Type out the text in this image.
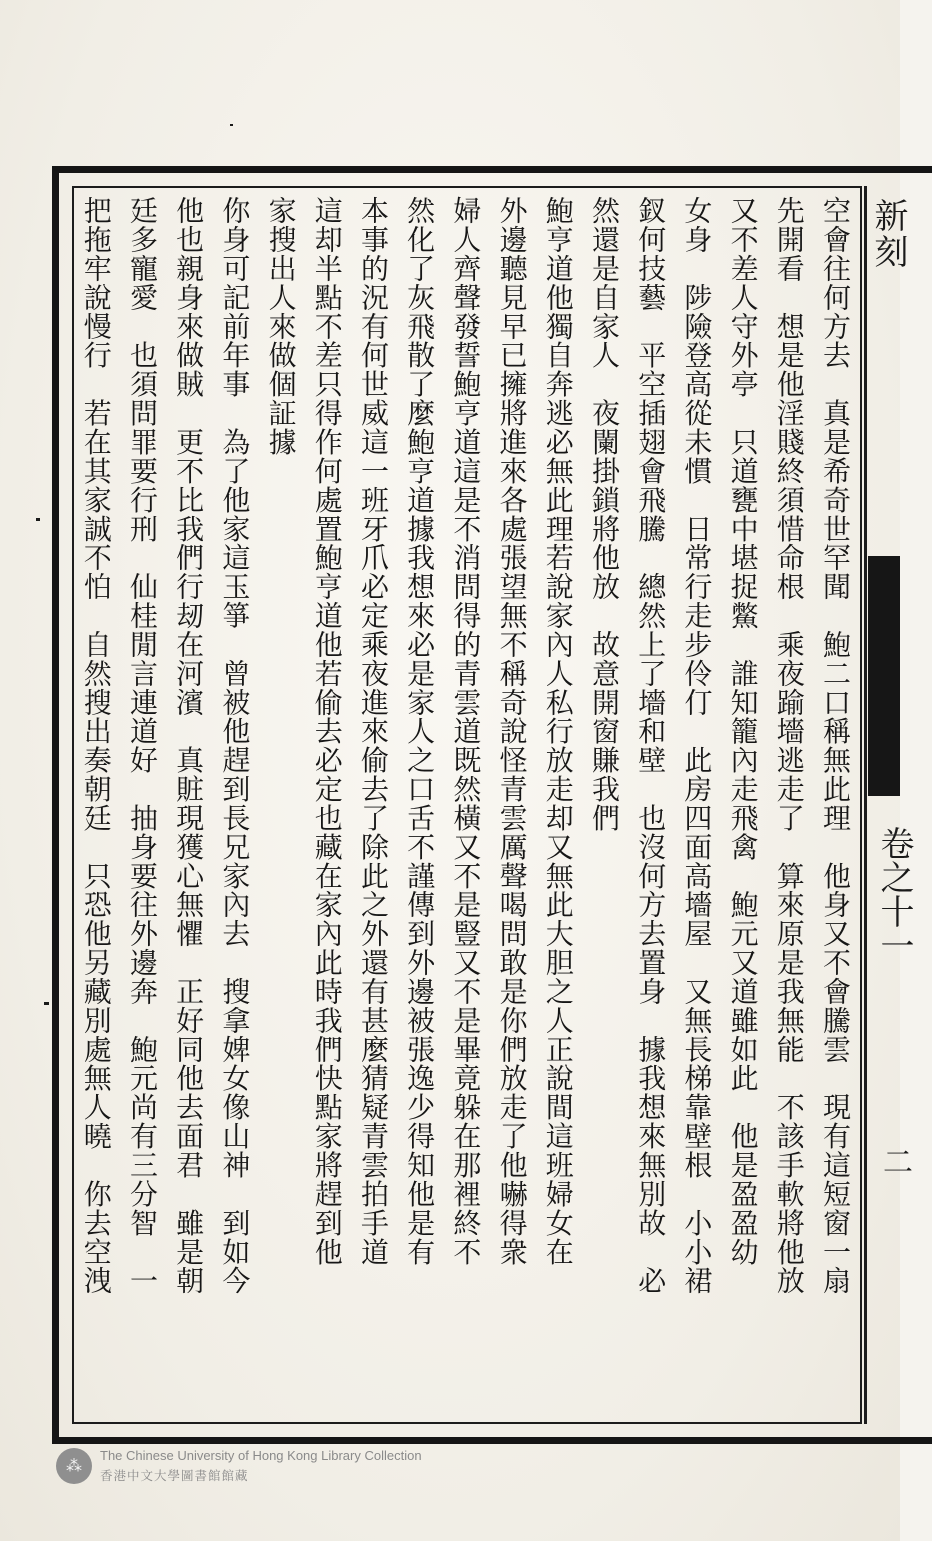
新刻
卷之十一
二
空會往何方去　真是希奇世罕聞　鮑二口稱無此理　他身又不會騰雲　現有這短窗一扇
先開看　想是他淫賤終須惜命根　乘夜踰墻逃走了　算來原是我無能　不該手軟將他放
又不差人守外亭　只道甕中堪捉鱉　誰知籠內走飛禽　鮑元又道雖如此　他是盈盈幼
女身　陟險登高從未慣　日常行走步伶仃　此房四面高墻屋　又無長梯靠壁根　小小裙
釵何技藝　平空插翅會飛騰　總然上了墻和壁　也沒何方去置身　據我想來無別故　必
然還是自家人　夜闌掛鎖將他放　故意開窗賺我們
鮑亨道他獨自奔逃必無此理若說家內人私行放走却又無此大胆之人正說間這班婦女在
外邊聽見早已擁將進來各處張望無不稱奇說怪青雲厲聲喝問敢是你們放走了他嚇得衆
婦人齊聲發誓鮑亨道這是不消問得的青雲道既然橫又不是豎又不是畢竟躲在那裡終不
然化了灰飛散了麼鮑亨道據我想來必是家人之口舌不謹傳到外邊被張逸少得知他是有
本事的況有何世威這一班牙爪必定乘夜進來偷去了除此之外還有甚麼猜疑青雲拍手道
這却半點不差只得作何處置鮑亨道他若偷去必定也藏在家內此時我們快點家將趕到他
家搜出人來做個証據
你身可記前年事　為了他家這玉箏　曾被他趕到長兄家內去　搜拿婢女像山神　到如今
他也親身來做賊　更不比我們行刼在河濱　真賍現獲心無懼　正好同他去面君　雖是朝
廷多寵愛　也須問罪要行刑　仙桂閒言連道好　抽身要往外邊奔　鮑元尚有三分智　一
把拖牢說慢行　若在其家誠不怕　自然搜出奏朝廷　只恐他另藏別處無人曉　你去空洩
⁂
The Chinese University of Hong Kong Library Collection
香港中文大學圖書館館藏
